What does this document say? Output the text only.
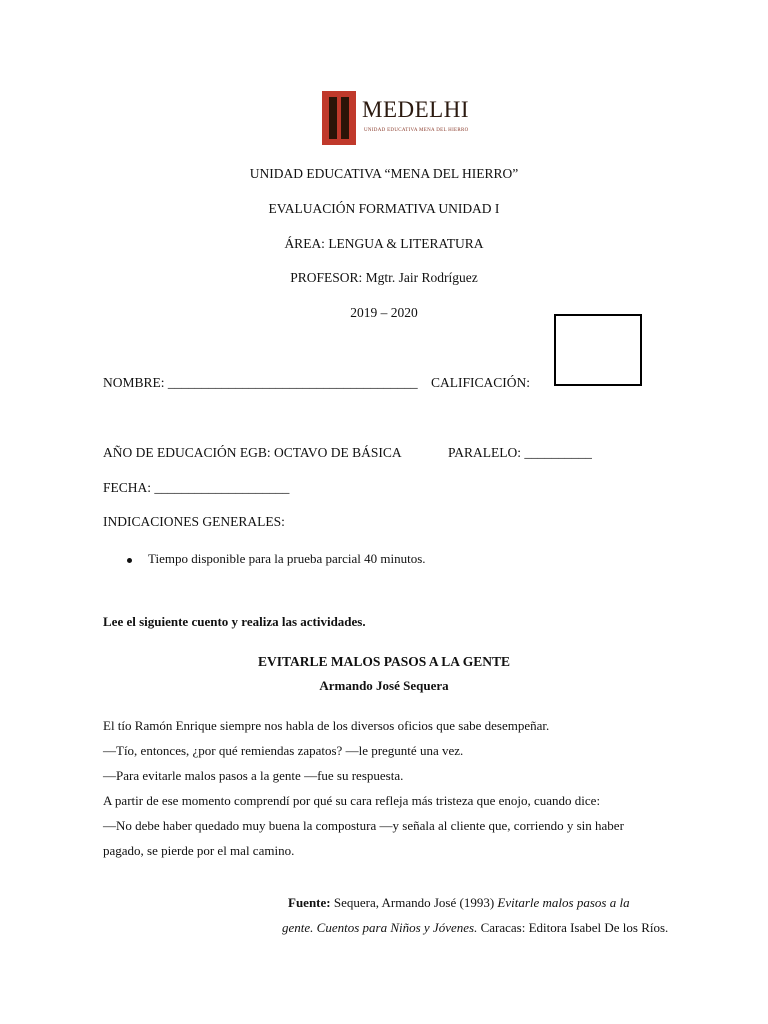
MEDELHI
UNIDAD EDUCATIVA MENA DEL HIERRO
UNIDAD EDUCATIVA “MENA DEL HIERRO”
EVALUACIÓN FORMATIVA UNIDAD I
ÁREA: LENGUA & LITERATURA
PROFESOR: Mgtr. Jair Rodríguez
2019 – 2020
NOMBRE: _____________________________________ CALIFICACIÓN:
AÑO DE EDUCACIÓN EGB: OCTAVO DE BÁSICA	PARALELO: __________
FECHA: ____________________
INDICACIONES GENERALES:
Tiempo disponible para la prueba parcial 40 minutos.
Lee el siguiente cuento y realiza las actividades.
EVITARLE MALOS PASOS A LA GENTE
Armando José Sequera
El tío Ramón Enrique siempre nos habla de los diversos oficios que sabe desempeñar.
—Tío, entonces, ¿por qué remiendas zapatos? —le pregunté una vez.
—Para evitarle malos pasos a la gente —fue su respuesta.
A partir de ese momento comprendí por qué su cara refleja más tristeza que enojo, cuando dice:
—No debe haber quedado muy buena la compostura —y señala al cliente que, corriendo y sin haber
pagado, se pierde por el mal camino.
Fuente: Sequera, Armando José (1993) Evitarle malos pasos a la
gente. Cuentos para Niños y Jóvenes. Caracas: Editora Isabel De los Ríos.
